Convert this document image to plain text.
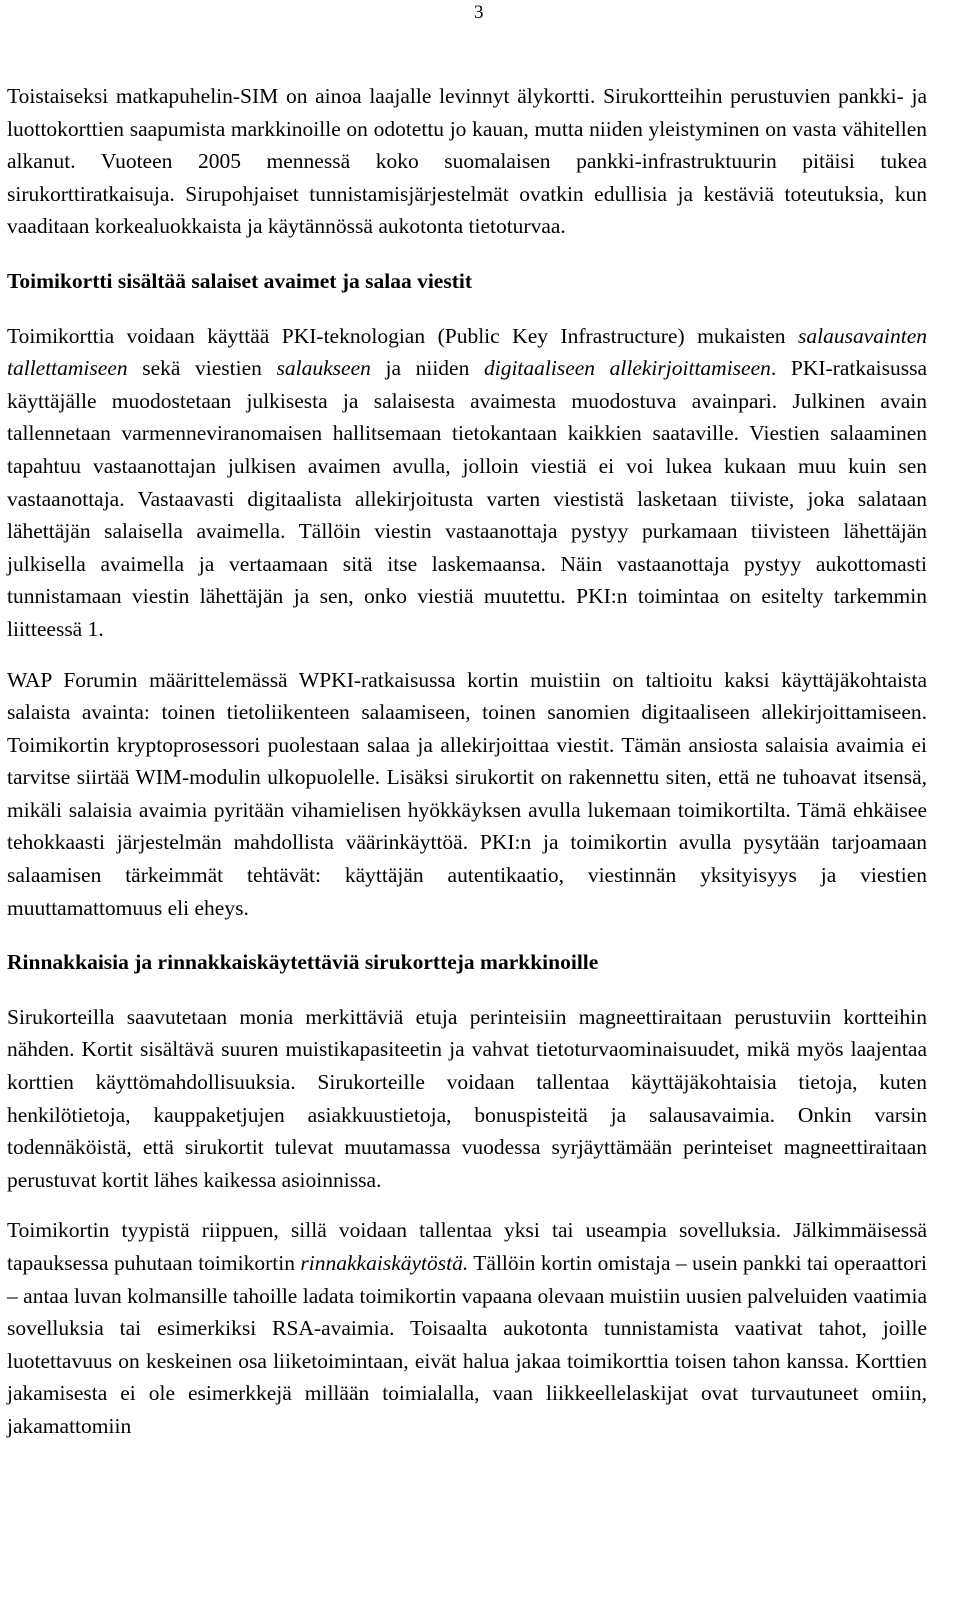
3

Toistaiseksi matkapuhelin-SIM on ainoa laajalle levinnyt älykortti. Sirukortteihin perustuvien pankki- ja luottokorttien saapumista markkinoille on odotettu jo kauan, mutta niiden yleistyminen on vasta vähitellen alkanut. Vuoteen 2005 mennessä koko suomalaisen pankki-infrastruktuurin pitäisi tukea sirukorttiratkaisuja. Sirupohjaiset tunnistamisjärjestelmät ovatkin edullisia ja kestäviä toteutuksia, kun vaaditaan korkealuokkaista ja käytännössä aukotonta tietoturvaa.

Toimikortti sisältää salaiset avaimet ja salaa viestit

Toimikorttia voidaan käyttää PKI-teknologian (Public Key Infrastructure) mukaisten salausavainten tallettamiseen sekä viestien salaukseen ja niiden digitaaliseen allekirjoittamiseen. PKI-ratkaisussa käyttäjälle muodostetaan julkisesta ja salaisesta avaimesta muodostuva avainpari. Julkinen avain tallennetaan varmenneviranomaisen hallitsemaan tietokantaan kaikkien saataville. Viestien salaaminen tapahtuu vastaanottajan julkisen avaimen avulla, jolloin viestiä ei voi lukea kukaan muu kuin sen vastaanottaja. Vastaavasti digitaalista allekirjoitusta varten viestistä lasketaan tiiviste, joka salataan lähettäjän salaisella avaimella. Tällöin viestin vastaanottaja pystyy purkamaan tiivisteen lähettäjän julkisella avaimella ja vertaamaan sitä itse laskemaansa. Näin vastaanottaja pystyy aukottomasti tunnistamaan viestin lähettäjän ja sen, onko viestiä muutettu. PKI:n toimintaa on esitelty tarkemmin liitteessä 1.

WAP Forumin määrittelemässä WPKI-ratkaisussa kortin muistiin on taltioitu kaksi käyttäjäkohtaista salaista avainta: toinen tietoliikenteen salaamiseen, toinen sanomien digitaaliseen allekirjoittamiseen. Toimikortin kryptoprosessori puolestaan salaa ja allekirjoittaa viestit. Tämän ansiosta salaisia avaimia ei tarvitse siirtää WIM-modulin ulkopuolelle. Lisäksi sirukortit on rakennettu siten, että ne tuhoavat itsensä, mikäli salaisia avaimia pyritään vihamielisen hyökkäyksen avulla lukemaan toimikortilta. Tämä ehkäisee tehokkaasti järjestelmän mahdollista väärinkäyttöä. PKI:n ja toimikortin avulla pysytään tarjoamaan salaamisen tärkeimmät tehtävät: käyttäjän autentikaatio, viestinnän yksityisyys ja viestien muuttamattomuus eli eheys.

Rinnakkaisia ja rinnakkaiskäytettäviä sirukortteja markkinoille

Sirukorteilla saavutetaan monia merkittäviä etuja perinteisiin magneettiraitaan perustuviin kortteihin nähden. Kortit sisältävä suuren muistikapasiteetin ja vahvat tietoturvaominaisuudet, mikä myös laajentaa korttien käyttömahdollisuuksia. Sirukorteille voidaan tallentaa käyttäjäkohtaisia tietoja, kuten henkilötietoja, kauppaketjujen asiakkuustietoja, bonuspisteitä ja salausavaimia. Onkin varsin todennäköistä, että sirukortit tulevat muutamassa vuodessa syrjäyttämään perinteiset magneettiraitaan perustuvat kortit lähes kaikessa asioinnissa.

Toimikortin tyypistä riippuen, sillä voidaan tallentaa yksi tai useampia sovelluksia. Jälkimmäisessä tapauksessa puhutaan toimikortin rinnakkaiskäytöstä. Tällöin kortin omistaja – usein pankki tai operaattori – antaa luvan kolmansille tahoille ladata toimikortin vapaana olevaan muistiin uusien palveluiden vaatimia sovelluksia tai esimerkiksi RSA-avaimia. Toisaalta aukotonta tunnistamista vaativat tahot, joille luotettavuus on keskeinen osa liiketoimintaan, eivät halua jakaa toimikorttia toisen tahon kanssa. Korttien jakamisesta ei ole esimerkkejä millään toimialalla, vaan liikkeellelaskijat ovat turvautuneet omiin, jakamattomiin
